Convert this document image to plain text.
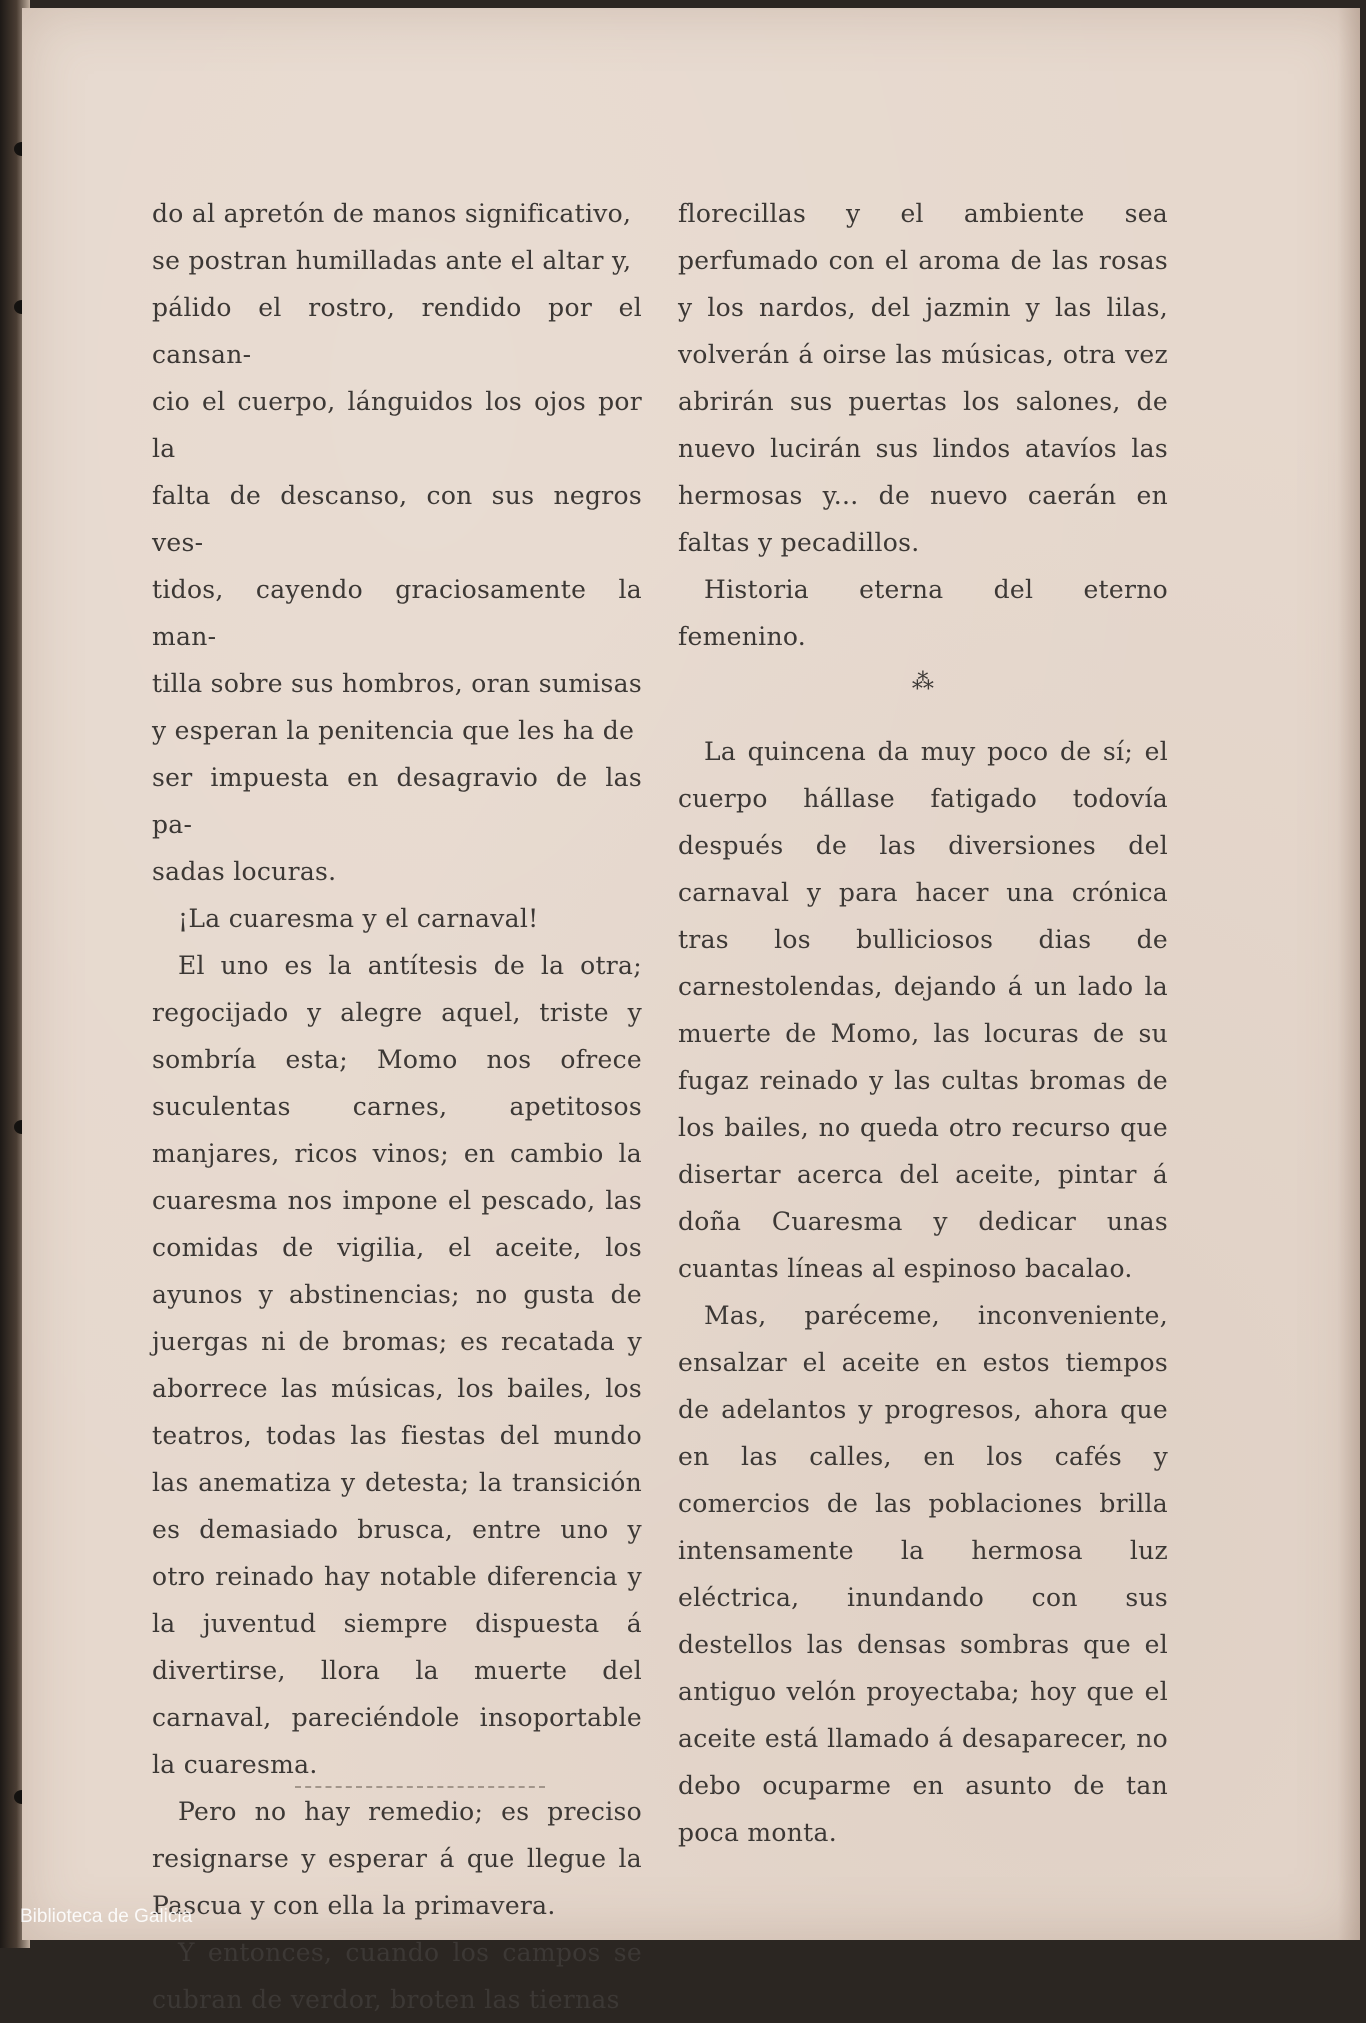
do al apretón de manos significativo,

se postran humilladas ante el altar y,

pálido el rostro, rendido por el cansan-

cio el cuerpo, lánguidos los ojos por la

falta de descanso, con sus negros ves-

tidos, cayendo graciosamente la man-

tilla sobre sus hombros, oran sumisas

y esperan la penitencia que les ha de

ser impuesta en desagravio de las pa-

sadas locuras.

¡La cuaresma y el carnaval!

El uno es la antítesis de la otra; regocijado y alegre aquel, triste y sombría esta; Momo nos ofrece suculentas carnes, apetitosos manjares, ricos vinos; en cambio la cuaresma nos impone el pescado, las comidas de vigilia, el aceite, los ayunos y abstinencias; no gusta de juergas ni de bromas; es recatada y aborrece las músicas, los bailes, los teatros, todas las fiestas del mundo las anematiza y detesta; la transición es demasiado brusca, entre uno y otro reinado hay notable diferencia y la juventud siempre dispuesta á divertirse, llora la muerte del carnaval, pareciéndole insoportable la cuaresma.

Pero no hay remedio; es preciso resignarse y esperar á que llegue la Pascua y con ella la primavera.

Y entonces, cuando los campos se cubran de verdor, broten las tiernas

florecillas y el ambiente sea perfumado con el aroma de las rosas y los nardos, del jazmin y las lilas, volverán á oirse las músicas, otra vez abrirán sus puertas los salones, de nuevo lucirán sus lindos atavíos las hermosas y... de nuevo caerán en faltas y pecadillos.

Historia eterna del eterno femenino.

⁂

La quincena da muy poco de sí; el cuerpo hállase fatigado todovía después de las diversiones del carnaval y para hacer una crónica tras los bulliciosos dias de carnestolendas, dejando á un lado la muerte de Momo, las locuras de su fugaz reinado y las cultas bromas de los bailes, no queda otro recurso que disertar acerca del aceite, pintar á doña Cuaresma y dedicar unas cuantas líneas al espinoso bacalao.

Mas, paréceme, inconveniente, ensalzar el aceite en estos tiempos de adelantos y progresos, ahora que en las calles, en los cafés y comercios de las poblaciones brilla intensamente la hermosa luz eléctrica, inundando con sus destellos las densas sombras que el antiguo velón proyectaba; hoy que el aceite está llamado á desaparecer, no debo ocuparme en asunto de tan poca monta.

Biblioteca de Galicia
